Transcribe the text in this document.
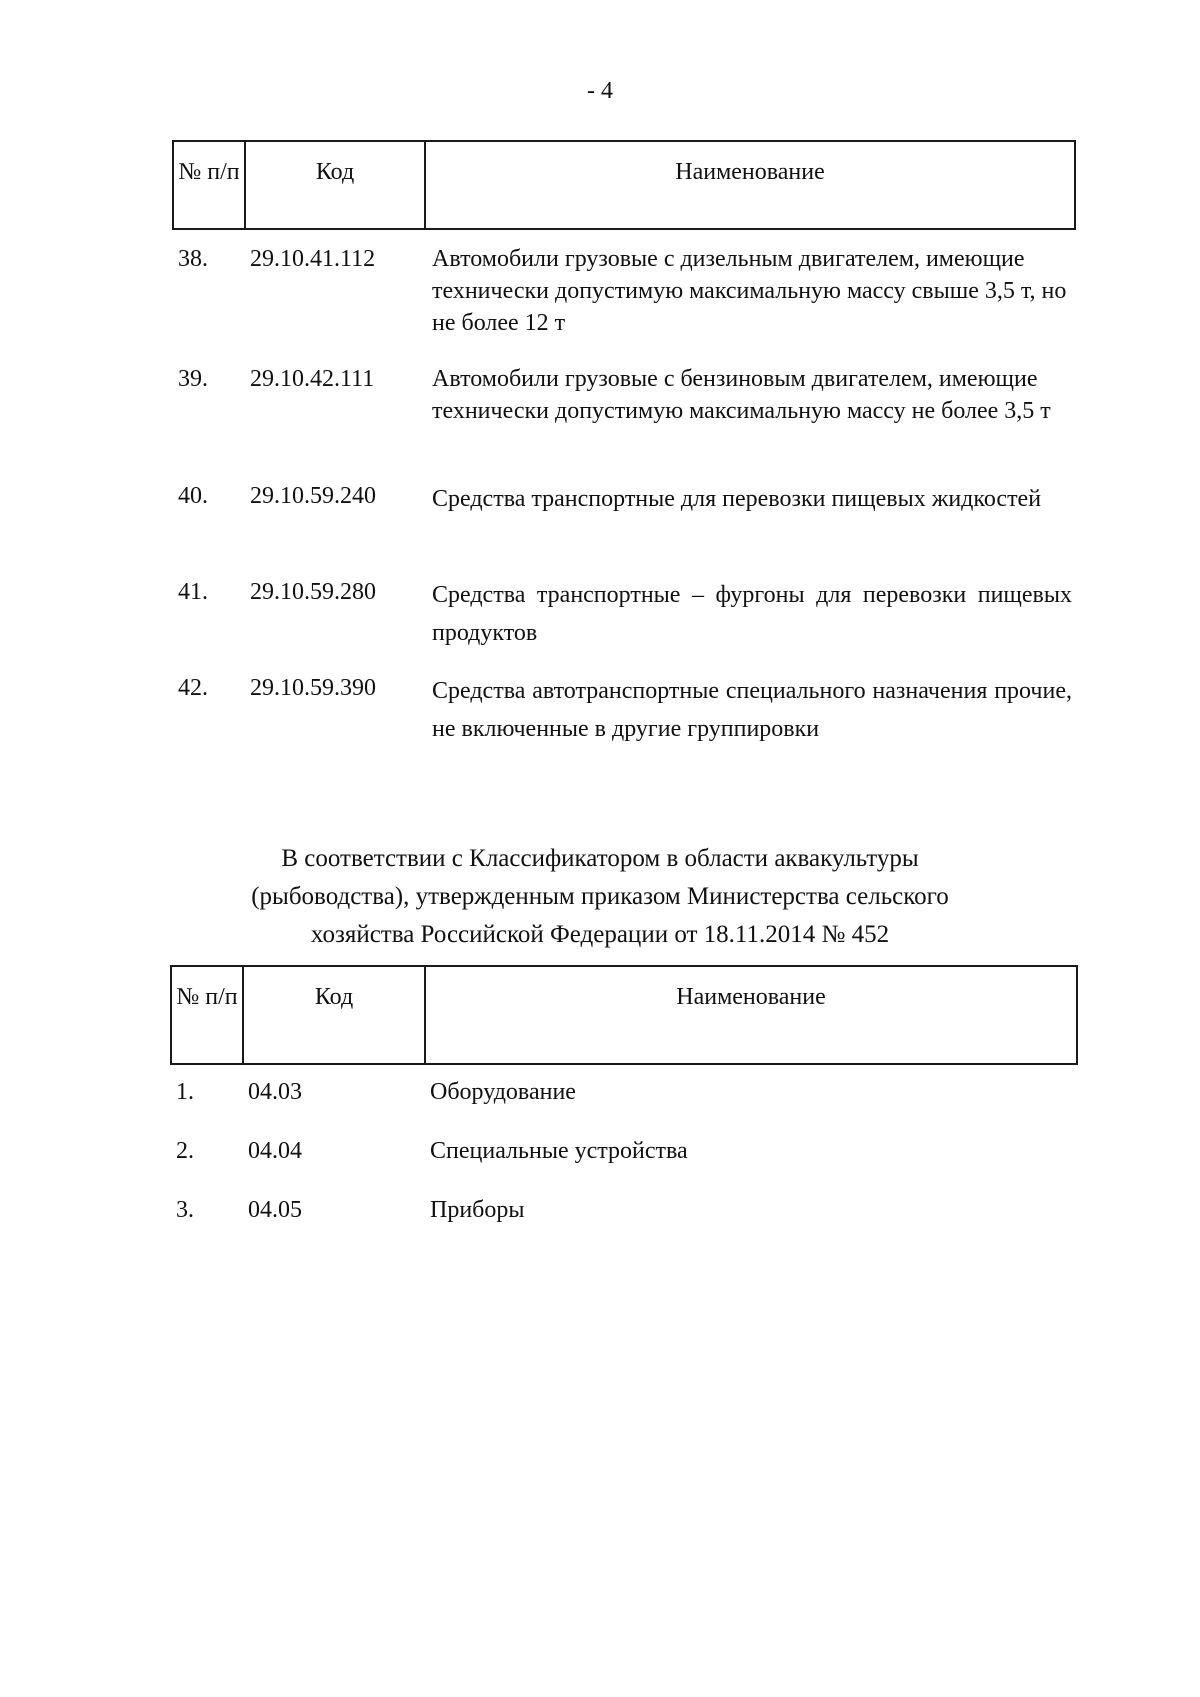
- 4
№ п/п	Код	Наименование
38. 29.10.41.112 Автомобили грузовые с дизельным двигателем, имеющие технически допустимую максимальную массу свыше 3,5 т, но не более 12 т
39. 29.10.42.111 Автомобили грузовые с бензиновым двигателем, имеющие технически допустимую максимальную массу не более 3,5 т
40. 29.10.59.240 Средства транспортные для перевозки пищевых жидкостей
41. 29.10.59.280 Средства транспортные – фургоны для перевозки пищевых продуктов
42. 29.10.59.390 Средства автотранспортные специального назначения прочие, не включенные в другие группировки
В соответствии с Классификатором в области аквакультуры
(рыбоводства), утвержденным приказом Министерства сельского
хозяйства Российской Федерации от 18.11.2014 № 452
№ п/п	Код	Наименование
1. 04.03	Оборудование
2. 04.04	Специальные устройства
3. 04.05	Приборы
